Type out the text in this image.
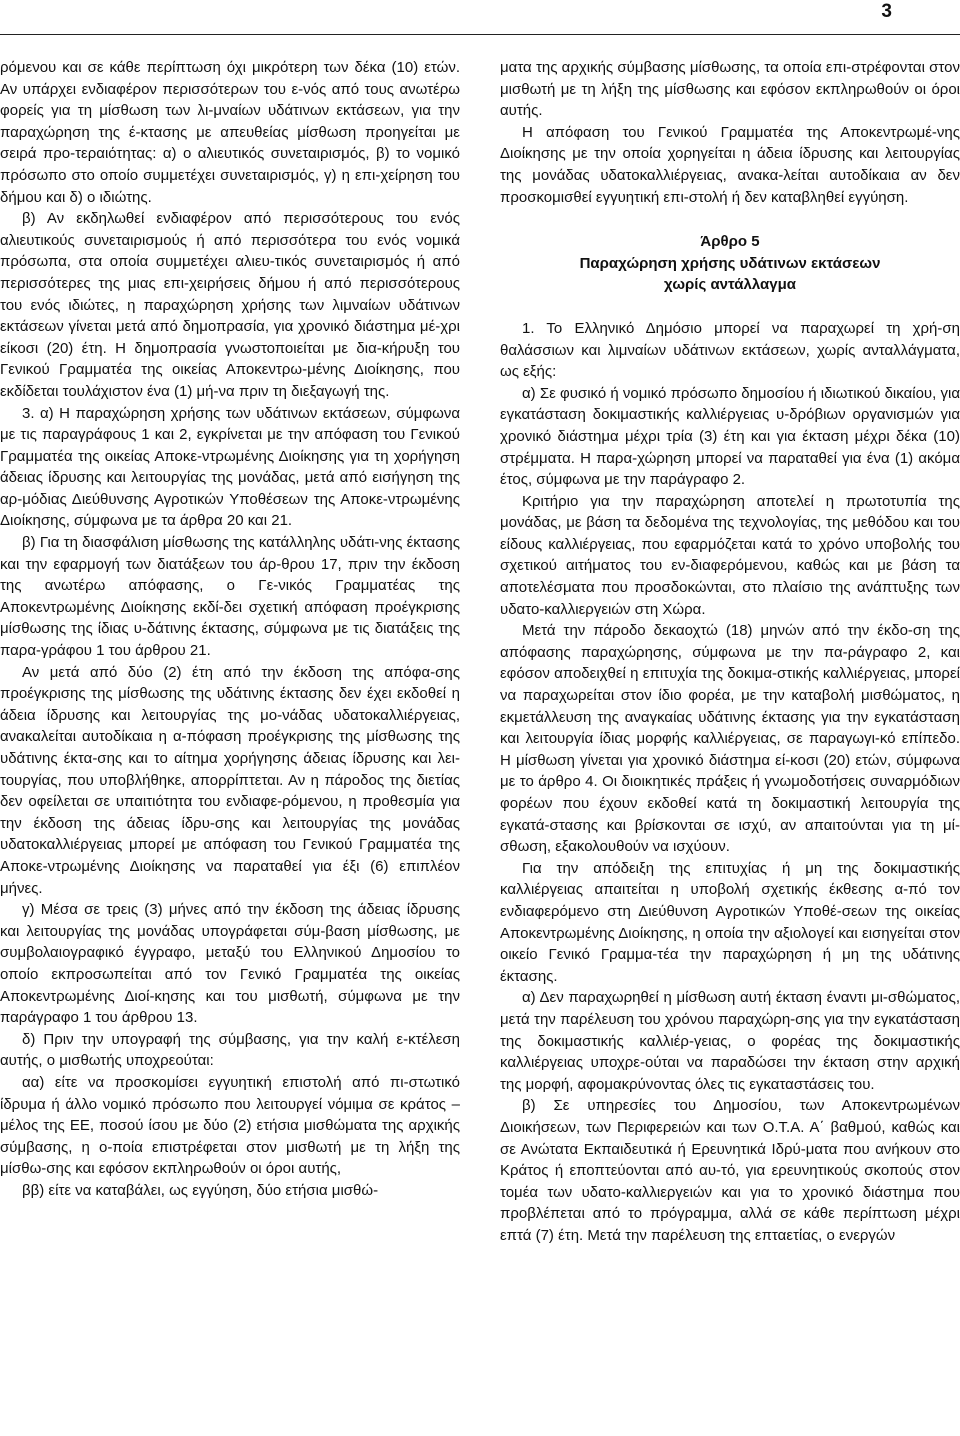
3

ρόμενου και σε κάθε περίπτωση όχι μικρότερη των δέκα (10) ετών. Αν υπάρχει ενδιαφέρον περισσότερων του ε-νός από τους ανωτέρω φορείς για τη μίσθωση των λι-μναίων υδάτινων εκτάσεων, για την παραχώρηση της έ-κτασης με απευθείας μίσθωση προηγείται με σειρά προ-τεραιότητας: α) ο αλιευτικός συνεταιρισμός, β) το νομικό πρόσωπο στο οποίο συμμετέχει συνεταιρισμός, γ) η επι-χείρηση του δήμου και δ) ο ιδιώτης.

β) Αν εκδηλωθεί ενδιαφέρον από περισσότερους του ενός αλιευτικούς συνεταιρισμούς ή από περισσότερα του ενός νομικά πρόσωπα, στα οποία συμμετέχει αλιευ-τικός συνεταιρισμός ή από περισσότερες της μιας επι-χειρήσεις δήμου ή από περισσότερους του ενός ιδιώτες, η παραχώρηση χρήσης των λιμναίων υδάτινων εκτάσεων γίνεται μετά από δημοπρασία, για χρονικό διάστημα μέ-χρι είκοσι (20) έτη. Η δημοπρασία γνωστοποιείται με δια-κήρυξη του Γενικού Γραμματέα της οικείας Αποκεντρω-μένης Διοίκησης, που εκδίδεται τουλάχιστον ένα (1) μή-να πριν τη διεξαγωγή της.

3. α) Η παραχώρηση χρήσης των υδάτινων εκτάσεων, σύμφωνα με τις παραγράφους 1 και 2, εγκρίνεται με την απόφαση του Γενικού Γραμματέα της οικείας Αποκε-ντρωμένης Διοίκησης για τη χορήγηση άδειας ίδρυσης και λειτουργίας της μονάδας, μετά από εισήγηση της αρ-μόδιας Διεύθυνσης Αγροτικών Υποθέσεων της Αποκε-ντρωμένης Διοίκησης, σύμφωνα με τα άρθρα 20 και 21.

β) Για τη διασφάλιση μίσθωσης της κατάλληλης υδάτι-νης έκτασης και την εφαρμογή των διατάξεων του άρ-θρου 17, πριν την έκδοση της ανωτέρω απόφασης, ο Γε-νικός Γραμματέας της Αποκεντρωμένης Διοίκησης εκδί-δει σχετική απόφαση προέγκρισης μίσθωσης της ίδιας υ-δάτινης έκτασης, σύμφωνα με τις διατάξεις της παρα-γράφου 1 του άρθρου 21.

Αν μετά από δύο (2) έτη από την έκδοση της απόφα-σης προέγκρισης της μίσθωσης της υδάτινης έκτασης δεν έχει εκδοθεί η άδεια ίδρυσης και λειτουργίας της μο-νάδας υδατοκαλλιέργειας, ανακαλείται αυτοδίκαια η α-πόφαση προέγκρισης της μίσθωσης της υδάτινης έκτα-σης και το αίτημα χορήγησης άδειας ίδρυσης και λει-τουργίας, που υποβλήθηκε, απορρίπτεται. Αν η πάροδος της διετίας δεν οφείλεται σε υπαιτιότητα του ενδιαφε-ρόμενου, η προθεσμία για την έκδοση της άδειας ίδρυ-σης και λειτουργίας της μονάδας υδατοκαλλιέργειας μπορεί με απόφαση του Γενικού Γραμματέα της Αποκε-ντρωμένης Διοίκησης να παραταθεί για έξι (6) επιπλέον μήνες.

γ) Μέσα σε τρεις (3) μήνες από την έκδοση της άδειας ίδρυσης και λειτουργίας της μονάδας υπογράφεται σύμ-βαση μίσθωσης, με συμβολαιογραφικό έγγραφο, μεταξύ του Ελληνικού Δημοσίου το οποίο εκπροσωπείται από τον Γενικό Γραμματέα της οικείας Αποκεντρωμένης Διοί-κησης και του μισθωτή, σύμφωνα με την παράγραφο 1 του άρθρου 13.

δ) Πριν την υπογραφή της σύμβασης, για την καλή ε-κτέλεση αυτής, ο μισθωτής υποχρεούται:

αα) είτε να προσκομίσει εγγυητική επιστολή από πι-στωτικό ίδρυμα ή άλλο νομικό πρόσωπο που λειτουργεί νόμιμα σε κράτος – μέλος της ΕΕ, ποσού ίσου με δύο (2) ετήσια μισθώματα της αρχικής σύμβασης, η ο-ποία επιστρέφεται στον μισθωτή με τη λήξη της μίσθω-σης και εφόσον εκπληρωθούν οι όροι αυτής,

ββ) είτε να καταβάλει, ως εγγύηση, δύο ετήσια μισθώ-

ματα της αρχικής σύμβασης μίσθωσης, τα οποία επι-στρέφονται στον μισθωτή με τη λήξη της μίσθωσης και εφόσον εκπληρωθούν οι όροι αυτής.

Η απόφαση του Γενικού Γραμματέα της Αποκεντρωμέ-νης Διοίκησης με την οποία χορηγείται η άδεια ίδρυσης και λειτουργίας της μονάδας υδατοκαλλιέργειας, ανακα-λείται αυτοδίκαια αν δεν προσκομισθεί εγγυητική επι-στολή ή δεν καταβληθεί εγγύηση.

Άρθρο 5
Παραχώρηση χρήσης υδάτινων εκτάσεων
χωρίς αντάλλαγμα

1. Το Ελληνικό Δημόσιο μπορεί να παραχωρεί τη χρή-ση θαλάσσιων και λιμναίων υδάτινων εκτάσεων, χωρίς ανταλλάγματα, ως εξής:

α) Σε φυσικό ή νομικό πρόσωπο δημοσίου ή ιδιωτικού δικαίου, για εγκατάσταση δοκιμαστικής καλλιέργειας υ-δρόβιων οργανισμών για χρονικό διάστημα μέχρι τρία (3) έτη και για έκταση μέχρι δέκα (10) στρέμματα. Η παρα-χώρηση μπορεί να παραταθεί για ένα (1) ακόμα έτος, σύμφωνα με την παράγραφο 2.

Κριτήριο για την παραχώρηση αποτελεί η πρωτοτυπία της μονάδας, με βάση τα δεδομένα της τεχνολογίας, της μεθόδου και του είδους καλλιέργειας, που εφαρμόζεται κατά το χρόνο υποβολής του σχετικού αιτήματος του εν-διαφερόμενου, καθώς και με βάση τα αποτελέσματα που προσδοκώνται, στο πλαίσιο της ανάπτυξης των υδατο-καλλιεργειών στη Χώρα.

Μετά την πάροδο δεκαοχτώ (18) μηνών από την έκδο-ση της απόφασης παραχώρησης, σύμφωνα με την πα-ράγραφο 2, και εφόσον αποδειχθεί η επιτυχία της δοκιμα-στικής καλλιέργειας, μπορεί να παραχωρείται στον ίδιο φορέα, με την καταβολή μισθώματος, η εκμετάλλευση της αναγκαίας υδάτινης έκτασης για την εγκατάσταση και λειτουργία ίδιας μορφής καλλιέργειας, σε παραγωγι-κό επίπεδο. Η μίσθωση γίνεται για χρονικό διάστημα εί-κοσι (20) ετών, σύμφωνα με το άρθρο 4. Οι διοικητικές πράξεις ή γνωμοδοτήσεις συναρμόδιων φορέων που έχουν εκδοθεί κατά τη δοκιμαστική λειτουργία της εγκατά-στασης και βρίσκονται σε ισχύ, αν απαιτούνται για τη μί-σθωση, εξακολουθούν να ισχύουν.

Για την απόδειξη της επιτυχίας ή μη της δοκιμαστικής καλλιέργειας απαιτείται η υποβολή σχετικής έκθεσης α-πό τον ενδιαφερόμενο στη Διεύθυνση Αγροτικών Υποθέ-σεων της οικείας Αποκεντρωμένης Διοίκησης, η οποία την αξιολογεί και εισηγείται στον οικείο Γενικό Γραμμα-τέα την παραχώρηση ή μη της υδάτινης έκτασης.

α) Δεν παραχωρηθεί η μίσθωση αυτή έκταση έναντι μι-σθώματος, μετά την παρέλευση του χρόνου παραχώρη-σης για την εγκατάσταση της δοκιμαστικής καλλιέρ-γειας, ο φορέας της δοκιμαστικής καλλιέργειας υποχρε-ούται να παραδώσει την έκταση στην αρχική της μορφή, αφομακρύνοντας όλες τις εγκαταστάσεις του.

β) Σε υπηρεσίες του Δημοσίου, των Αποκεντρωμένων Διοικήσεων, των Περιφερειών και των Ο.Τ.Α. Α΄ βαθμού, καθώς και σε Ανώτατα Εκπαιδευτικά ή Ερευνητικά Ιδρύ-ματα που ανήκουν στο Κράτος ή εποπτεύονται από αυ-τό, για ερευνητικούς σκοπούς στον τομέα των υδατο-καλλιεργειών και για το χρονικό διάστημα που προβλέπεται από το πρόγραμμα, αλλά σε κάθε περίπτωση μέχρι επτά (7) έτη. Μετά την παρέλευση της επταετίας, ο ενεργών
